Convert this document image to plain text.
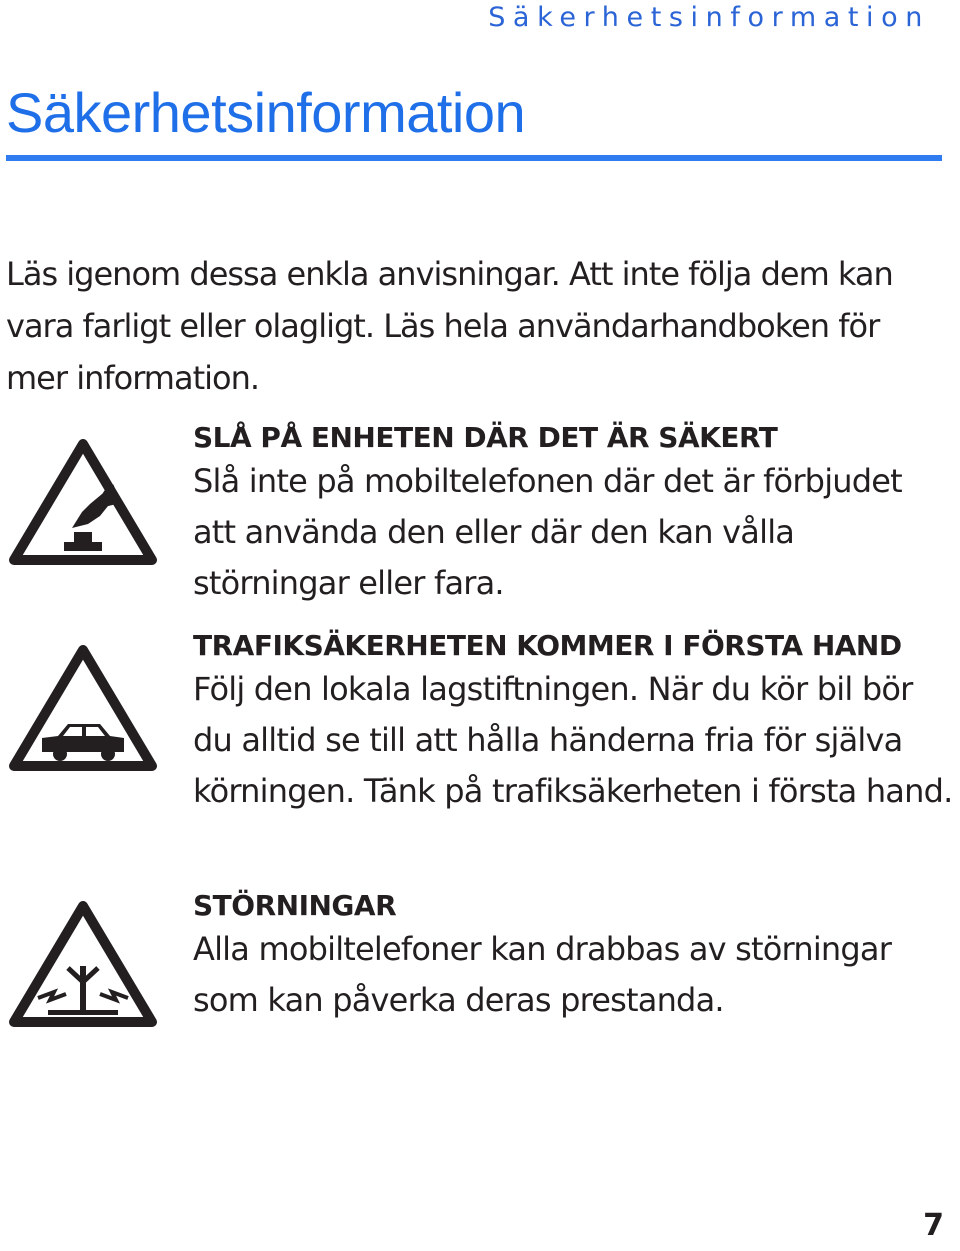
Säkerhetsinformation
Säkerhetsinformation

Läs igenom dessa enkla anvisningar. Att inte följa dem kan vara farligt eller olagligt. Läs hela användarhandboken för mer information.

SLÅ PÅ ENHETEN DÄR DET ÄR SÄKERT

Slå inte på mobiltelefonen där det är förbjudet att använda den eller där den kan vålla störningar eller fara.

TRAFIKSÄKERHETEN KOMMER I FÖRSTA HAND

Följ den lokala lagstiftningen. När du kör bil bör du alltid se till att hålla händerna fria för själva körningen. Tänk på trafiksäkerheten i första hand.

STÖRNINGAR

Alla mobiltelefoner kan drabbas av störningar som kan påverka deras prestanda.

7
